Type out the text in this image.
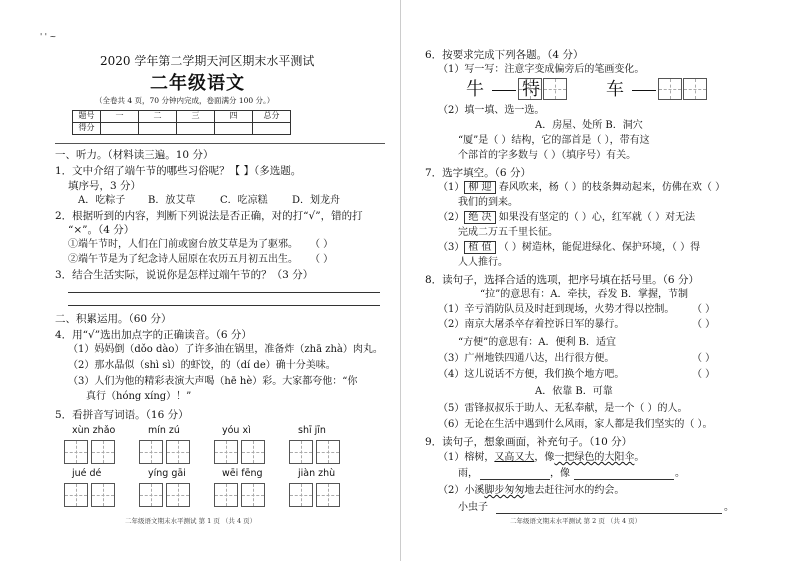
' ' ~
2020 学年第二学期天河区期末水平测试
二年级语文
（全卷共 4 页，70 分钟内完成，卷面满分 100 分。）
题号	一	二	三	四	总分
得分					
一、听力。（材料读三遍。10 分）
1．文中介绍了端午节的哪些习俗呢？【 】（多选题。
填序号，3 分）
A．吃粽子 B．放艾草 C．吃凉糕 D．划龙舟
2．根据听到的内容，判断下列说法是否正确，对的打“√”，错的打
“×”。（4 分）
①端午节时，人们在门前或窗台放艾草是为了驱邪。 （ ）
②端午节是为了纪念诗人屈原在农历五月初五出生。 （ ）
3．结合生活实际，说说你是怎样过端午节的？（3 分）
二、积累运用。（60 分）
4．用“√”选出加点字的正确读音。（6 分）
（1）妈妈倒（dǒo dào）了许多油在锅里，准备炸（zhā zhà）肉丸。
（2）那水晶似（shì sì）的虾饺，的（dí de）确十分美味。
（3）人们为他的精彩表演大声喝（hē hè）彩。大家都夸他：“你
真行（hóng xíng）！”
5．看拼音写词语。（16 分）
xùn zhǎo	mín zú	yóu xì	shī jīn
jué dé	yíng gāi	wēi fēng	jiàn zhù
二年级语文期末水平测试 第 1 页 （共 4 页）
6．按要求完成下列各题。（4 分）
（1）写一写：注意字变成偏旁后的笔画变化。
牛 特	车
（2）填一填、选一选。
A．房屋、处所 B．洞穴
“厦”是（ ）结构，它的部首是（ ），带有这
个部首的字多数与（ ）（填序号）有关。
7．选字填空。（6 分）
（1） 柳 迎 春风吹来，杨（ ）的枝条舞动起来，仿佛在欢（ ）
我们的到来。
（2） 绝 决 如果没有坚定的（ ）心，红军就（ ）对无法
完成二万五千里长征。
（3） 植 值 （ ）树造林，能促进绿化、保护环境，（ ）得
人人推行。
8．读句子，选择合适的选项，把序号填在括号里。（6 分）
“拉”的意思有：A．牵扶，吞发 B．掌握，节制
（1）辛亏消防队员及时赶到现场，火势才得以控制。 （ ）
（2）南京大屠杀卒存着控诉日军的暴行。	（ ）
“方便”的意思有：A．便利 B．适宜
（3）广州地铁四通八达，出行很方便。	（ ）
（4）这儿说话不方便，我们换个地方吧。	（ ）
A．依靠 B．可靠
（5）雷锋叔叔乐于助人、无私奉献，是一个（ ）的人。
（6）无论在生活中遇到什么风雨，家人都是我们坚实的（ ）。
9．读句子，想象画面，补充句子。（10 分）
（1）榕树，又高又大，像一把绿色的大阳伞。
雨，	，像	。
（2）小溪脚步匆匆地去赶往河水的约会。
小虫子	。
二年级语文期末水平测试 第 2 页 （共 4 页）
